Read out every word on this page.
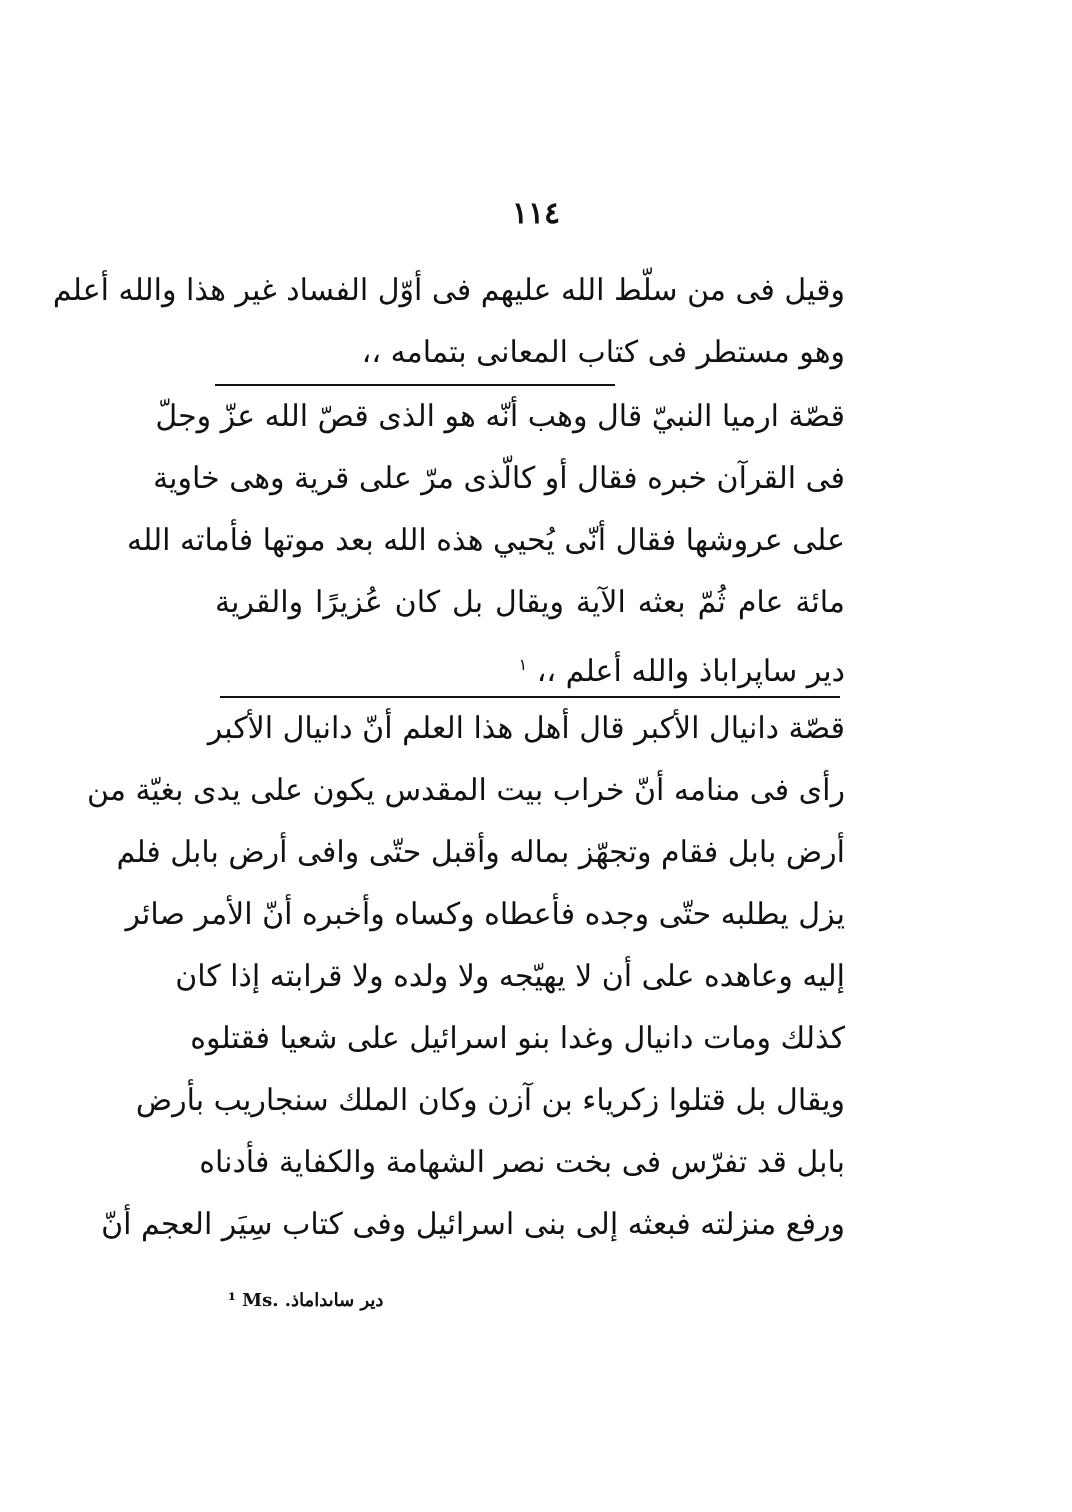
١١٤
وقيل فى من سلّط الله عليهم فى أوّل الفساد غير هذا والله أعلم
وهو مستطر فى كتاب المعانى بتمامه ،،
قصّة ارميا النبيّ قال وهب أنّه هو الذى قصّ الله عزّ وجلّ
فى القرآن خبره فقال أو كالّذى مرّ على قرية وهى خاوية
على عروشها فقال أنّى يُحيي هذه الله بعد موتها فأماته الله
مائة عام ثُمّ بعثه الآية ويقال بل كان عُزيرًا والقرية
دير ساپراباذ والله أعلم ،، $^١$
قصّة دانيال الأكبر قال أهل هذا العلم أنّ دانيال الأكبر
رأى فى منامه أنّ خراب بيت المقدس يكون على يدى بغيّة من
أرض بابل فقام وتجهّز بماله وأقبل حتّى وافى أرض بابل فلم
يزل يطلبه حتّى وجده فأعطاه وكساه وأخبره أنّ الأمر صائر
إليه وعاهده على أن لا يهيّجه ولا ولده ولا قرابته إذا كان
كذلك ومات دانيال وغدا بنو اسرائيل على شعيا فقتلوه
ويقال بل قتلوا زكرياء بن آزن وكان الملك سنجاريب بأرض
بابل قد تفرّس فى بخت نصر الشهامة والكفاية فأدناه
ورفع منزلته فبعثه إلى بنى اسرائيل وفى كتاب سِيَر العجم أنّ
¹ Ms. دير ساىداماذ.
